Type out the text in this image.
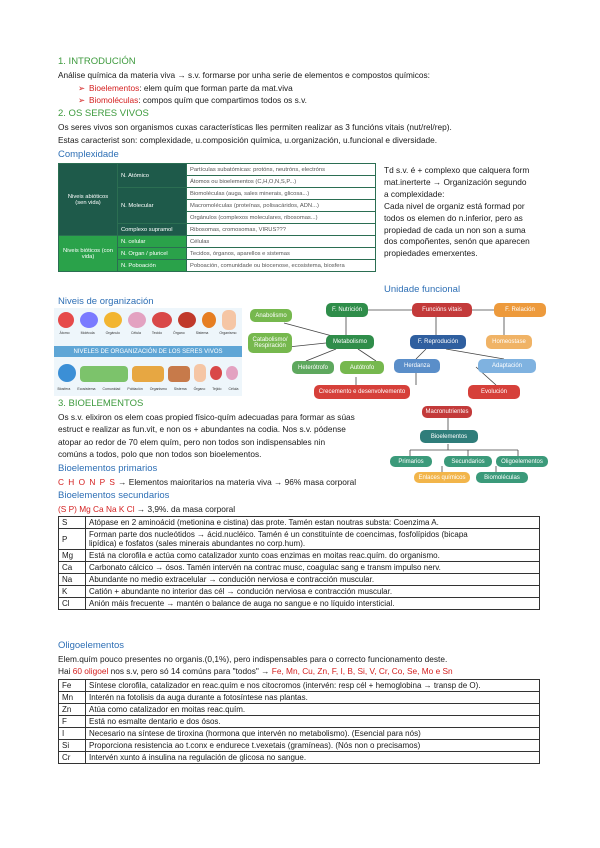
1. INTRODUCIÓN
Análise química da materia viva → s.v. formarse por unha serie de elementos e compostos químicos:
➢ Bioelementos: elem quím que forman parte da mat.viva
➢ Biomoléculas: compos quím que compartimos todos os s.v.
2. OS SERES VIVOS
Os seres vivos son organismos cuxas características lles permiten realizar as 3 funcións vitais (nut/rel/rep).
Estas caracterist son: complexidade, u.composición química, u.organización, u.funcional e diversidade.
Complexidade
Niveis abióticos (sen vida)	N. Atómico	Partículas subatómicas: protóns, neutróns, electróns
		Átomos ou bioelementos (C,H,O,N,S,P...)
	N. Molecular	Biomoléculas (auga, sales minerais, glicosa...)
		Macromoléculas (proteínas, polisacáridos, ADN...)
		Orgánulos (complexos moleculares, ribosomas...)
	Complexo supramol	Ribosomas, cromosomas, VIRUS???
Niveis bióticos (con vida)	N. celular	Células
	N. Organ / pluricel	Tecidos, órganos, aparellos e sistemas
	N. Poboación	Poboación, comunidade ou biocenose, ecosistema, biosfera
Td s.v. é + complexo que calquera form
mat.inerterte → Organización segundo
a complexidade:
Cada nivel de organiz está formad por
todos os elemen do n.inferior, pero as
propiedad de cada un non son a suma
dos compoñentes, senón que aparecen
propiedades emerxentes.
Niveis de organización
Átomo	Molécula	Orgánulo	Célula	Tecido	Órgano	Sistema	Organismo
NIVELES DE ORGANIZACIÓN DE LOS SERES VIVOS
Biosfera Ecosistema Comunidad Población Organismo Sistema Órgano Tejido Célula
Unidade funcional
F. Nutrición	Funcións vitais	F. Relación
Anabolismo
Catabolismo/ Respiración
Metabolismo	F. Reprodución	Homeostase
Heterótrofo	Autótrofo	Herdanza	Adaptación
Crecemento e desenvolvemento	Evolución
3. BIOELEMENTOS
Os s.v. elixiron os elem coas propied físico-quím adecuadas para formar as súas
estruct e realizar as fun.vit, e non os + abundantes na codia. Nos s.v. pódense
atopar ao redor de 70 elem quím, pero non todos son indispensables nin
comúns a todos, polo que non todos son bioelementos.
Macronutrientes
Bioelementos
Primarios	Secundarios	Oligoelementos
Enlaces químicos	Biomoléculas
Bioelementos primarios
C H O N P S → Elementos maioritarios na materia viva → 96% masa corporal
Bioelementos secundarios
(S P) Mg Ca Na K Cl → 3,9%. da masa corporal
S	Atópase en 2 aminoácid (metionina e cistina) das prote. Tamén estan noutras substa: Coenzima A.
P	Forman parte dos nucleótidos → ácid.nucléico. Tamén é un constituínte de coencimas, fosfolípidos (bicapa
lipídica) e fosfatos (sales minerais abundantes no corp.hum).

Mg	Está na clorofila e actúa como catalizador xunto coas enzimas en moitas reac.quím. do organismo.
Ca	Carbonato cálcico → ósos. Tamén intervén na contrac musc, coagulac sang e transm impulso nerv.
Na	Abundante no medio extracelular → condución nerviosa e contracción muscular.
K	Catión + abundante no interior das cél → condución nerviosa e contracción muscular.
Cl	Anión máis frecuente → mantén o balance de auga no sangue e no líquido intersticial.
Oligoelementos
Elem.quím pouco presentes no organis.(0,1%), pero indispensables para o correcto funcionamento deste.
Hai 60 oligoel nos s.v, pero só 14 comúns para "todos" → Fe, Mn, Cu, Zn, F, I, B, Si, V, Cr, Co, Se, Mo e Sn
Fe	Síntese clorofila, catalizador en reac.quím e nos citocromos (intervén: resp cél + hemoglobina → transp de O).
Mn	Interén na fotolisis da auga durante a fotosíntese nas plantas.
Zn	Atúa como catalizador en moitas reac.quím.
F	Está no esmalte dentario e dos ósos.
I	Necesario na síntese de tiroxina (hormona que intervén no metabolismo). (Esencial para nós)
Si	Proporciona resistencia ao t.conx e endurece t.vexetais (gramíneas). (Nós non o precisamos)
Cr	Intervén xunto á insulina na regulación de glicosa no sangue.
